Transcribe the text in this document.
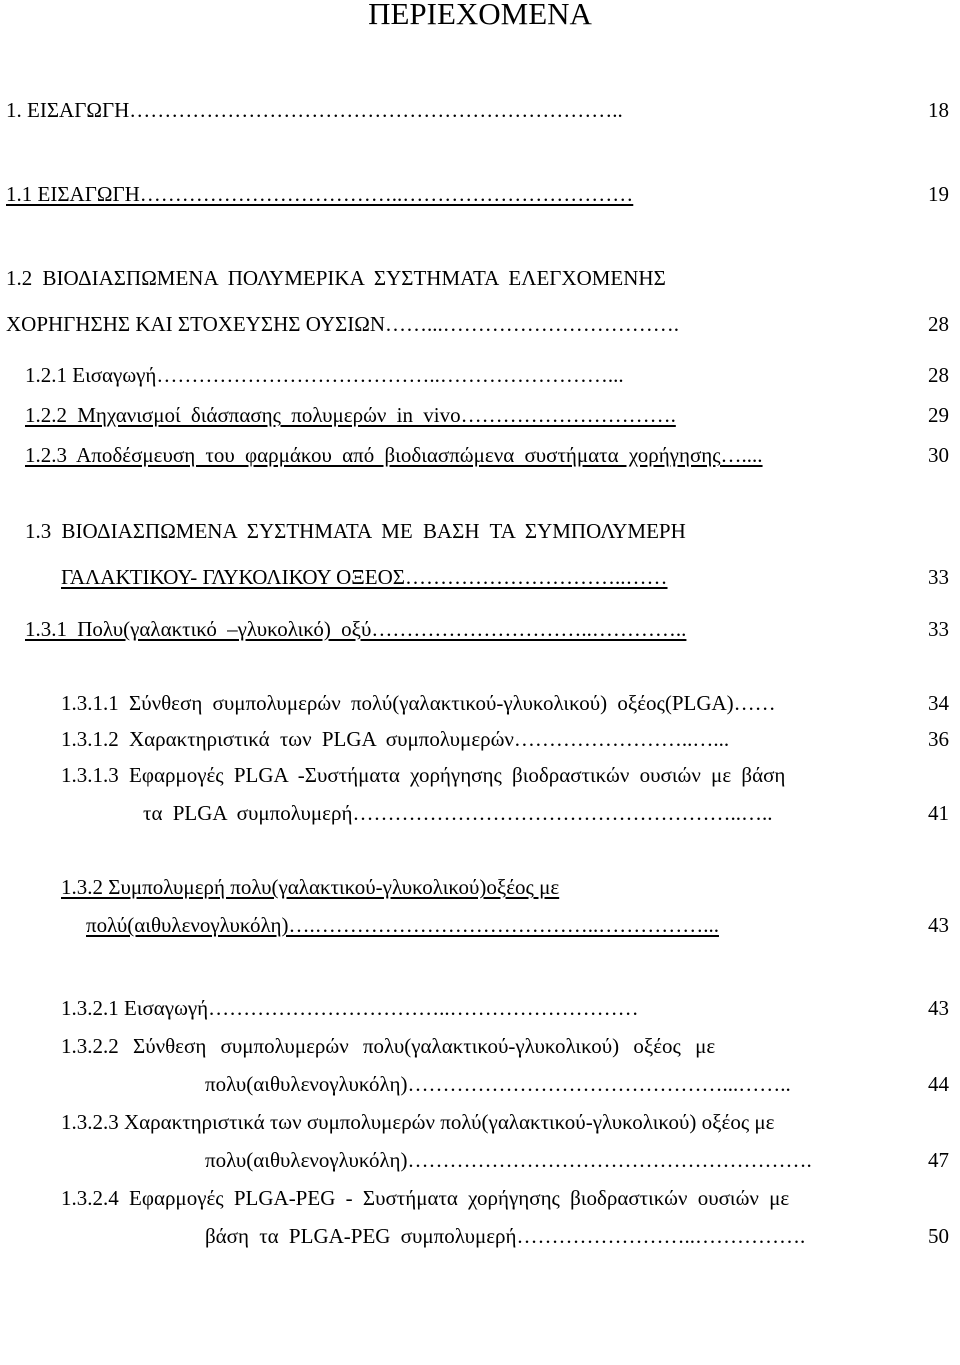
ΠΕΡΙΕΧΟΜΕΝΑ
1. ΕΙΣΑΓΩΓΗ……………………………………………………………..	18
1.1 ΕΙΣΑΓΩΓΗ………………………………..……………………………	19
1.2 ΒΙΟΔΙΑΣΠΩΜΕΝΑ ΠΟΛΥΜΕΡΙΚΑ ΣΥΣΤΗΜΑΤΑ ΕΛΕΓΧΟΜΕΝΗΣ
ΧΟΡΗΓΗΣΗΣ ΚΑΙ ΣΤΟΧΕΥΣΗΣ ΟΥΣΙΩΝ……...…………………………….	28
1.2.1 Εισαγωγή…………………………………..……………………...	28
1.2.2 Μηχανισμοί διάσπασης πολυμερών in vivo………………………….	29
1.2.3 Αποδέσμευση του φαρμάκου από βιοδιασπώμενα συστήματα χορήγησης…....	30
1.3 ΒΙΟΔΙΑΣΠΩΜΕΝΑ ΣΥΣΤΗΜΑΤΑ ΜΕ ΒΑΣΗ ΤΑ ΣΥΜΠΟΛΥΜΕΡΗ
ΓΑΛΑΚΤΙΚΟΥ- ΓΛΥΚΟΛΙΚΟΥ ΟΞΕΟΣ…………………………..……	33
1.3.1 Πολυ(γαλακτικό –γλυκολικό) οξύ…………………………..…………..	33
1.3.1.1 Σύνθεση συμπολυμερών πολύ(γαλακτικού-γλυκολικού) οξέος(PLGA)……	34
1.3.1.2 Χαρακτηριστικά των PLGA συμπολυμερών……………………..…...	36
1.3.1.3 Εφαρμογές PLGA -Συστήματα χορήγησης βιοδραστικών ουσιών με βάση
τα PLGA συμπολυμερή………………………………………………..…..	41
1.3.2 Συμπολυμερή πολυ(γαλακτικού-γλυκολικού)οξέος με
πολύ(αιθυλενογλυκόλη)….…………………………………..……………...	43
1.3.2.1 Εισαγωγή……………………………..………………………	43
1.3.2.2 Σύνθεση συμπολυμερών πολυ(γαλακτικού-γλυκολικού) οξέος με
πολυ(αιθυλενογλυκόλη)………………………………………...……..	44
1.3.2.3 Χαρακτηριστικά των συμπολυμερών πολύ(γαλακτικού-γλυκολικού) οξέος με
πολυ(αιθυλενογλυκόλη)………………………………………………….	47
1.3.2.4 Εφαρμογές PLGA-PEG - Συστήματα χορήγησης βιοδραστικών ουσιών με
βάση τα PLGA-PEG συμπολυμερή……………………..…………….	50
